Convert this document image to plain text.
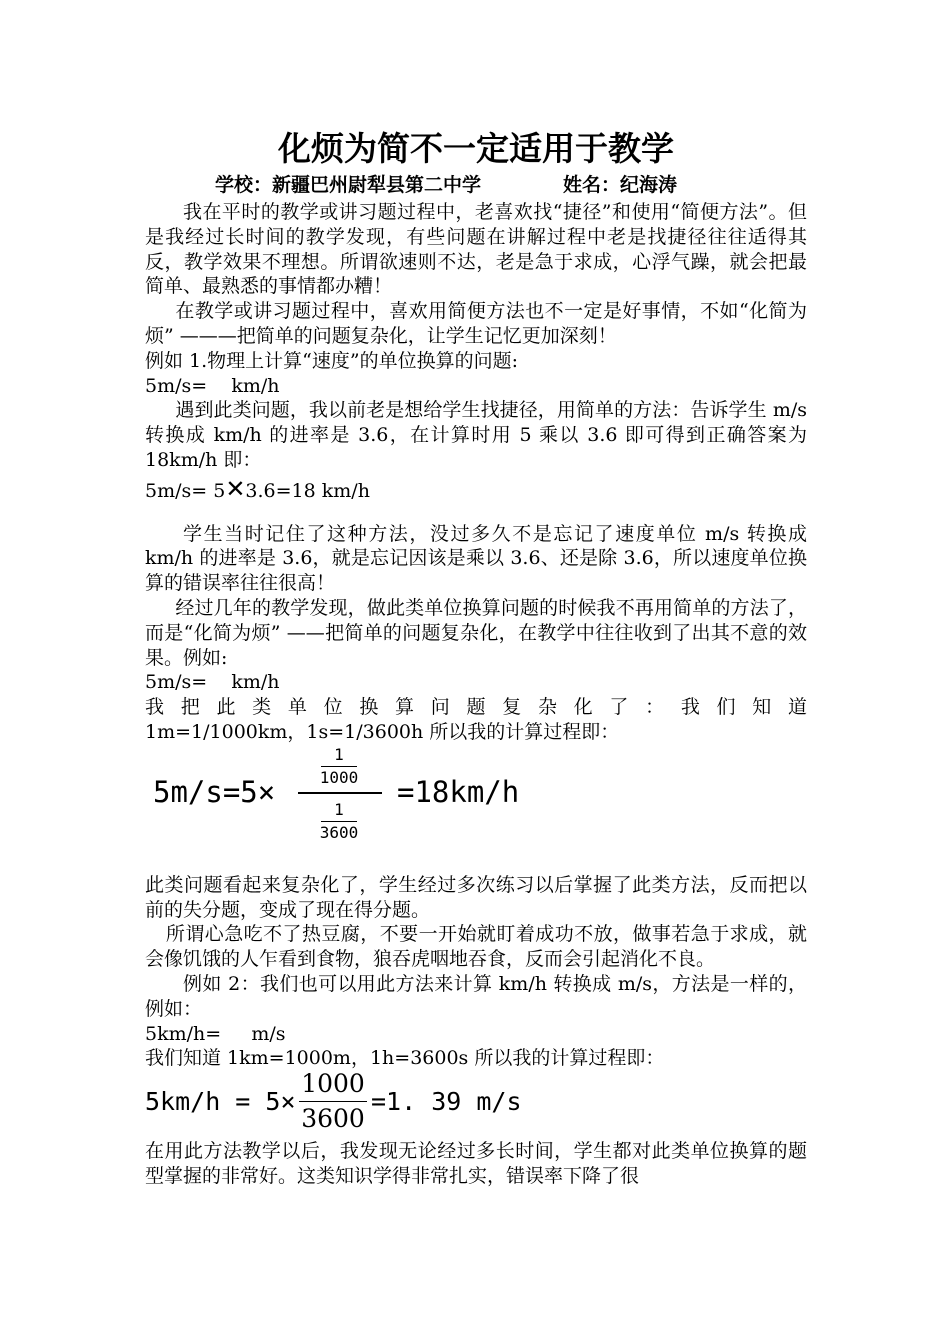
化烦为简不一定适用于教学
学校：新疆巴州尉犁县第二中学	姓名：纪海涛

我在平时的教学或讲习题过程中，老喜欢找“捷径”和使用“简便方法”。但是我经过长时间的教学发现，有些问题在讲解过程中老是找捷径往往适得其反，教学效果不理想。所谓欲速则不达，老是急于求成，心浮气躁，就会把最简单、最熟悉的事情都办糟！

在教学或讲习题过程中，喜欢用简便方法也不一定是好事情，不如“化简为烦” ———把简单的问题复杂化，让学生记忆更加深刻！

例如 1.物理上计算“速度”的单位换算的问题:

5m/s=    km/h

遇到此类问题，我以前老是想给学生找捷径，用简单的方法：告诉学生 m/s 转换成 km/h 的进率是 3.6，在计算时用 5 乘以 3.6 即可得到正确答案为 18km/h 即：

5m/s= 5✕3.6=18 km/h

学生当时记住了这种方法，没过多久不是忘记了速度单位 m/s 转换成 km/h 的进率是 3.6，就是忘记因该是乘以 3.6、还是除 3.6，所以速度单位换算的错误率往往很高！

经过几年的教学发现，做此类单位换算问题的时候我不再用简单的方法了，而是“化简为烦” ——把简单的问题复杂化，在教学中往往收到了出其不意的效果。例如:

5m/s=    km/h

我 把 此 类 单 位 换 算 问 题 复 杂 化 了 ： 我 们 知 道

1m=1/1000km，1s=1/3600h 所以我的计算过程即：

5m/s=5×
1
1000
1
3600
=18km/h

此类问题看起来复杂化了，学生经过多次练习以后掌握了此类方法，反而把以前的失分题，变成了现在得分题。

所谓心急吃不了热豆腐，不要一开始就盯着成功不放，做事若急于求成，就会像饥饿的人乍看到食物，狼吞虎咽地吞食，反而会引起消化不良。

例如 2：我们也可以用此方法来计算 km/h 转换成 m/s，方法是一样的，例如：

5km/h=     m/s

我们知道 1km=1000m，1h=3600s 所以我的计算过程即：

5km/h = 5×
1000
3600
=1. 39 m/s

在用此方法教学以后，我发现无论经过多长时间，学生都对此类单位换算的题型掌握的非常好。这类知识学得非常扎实，错误率下降了很
